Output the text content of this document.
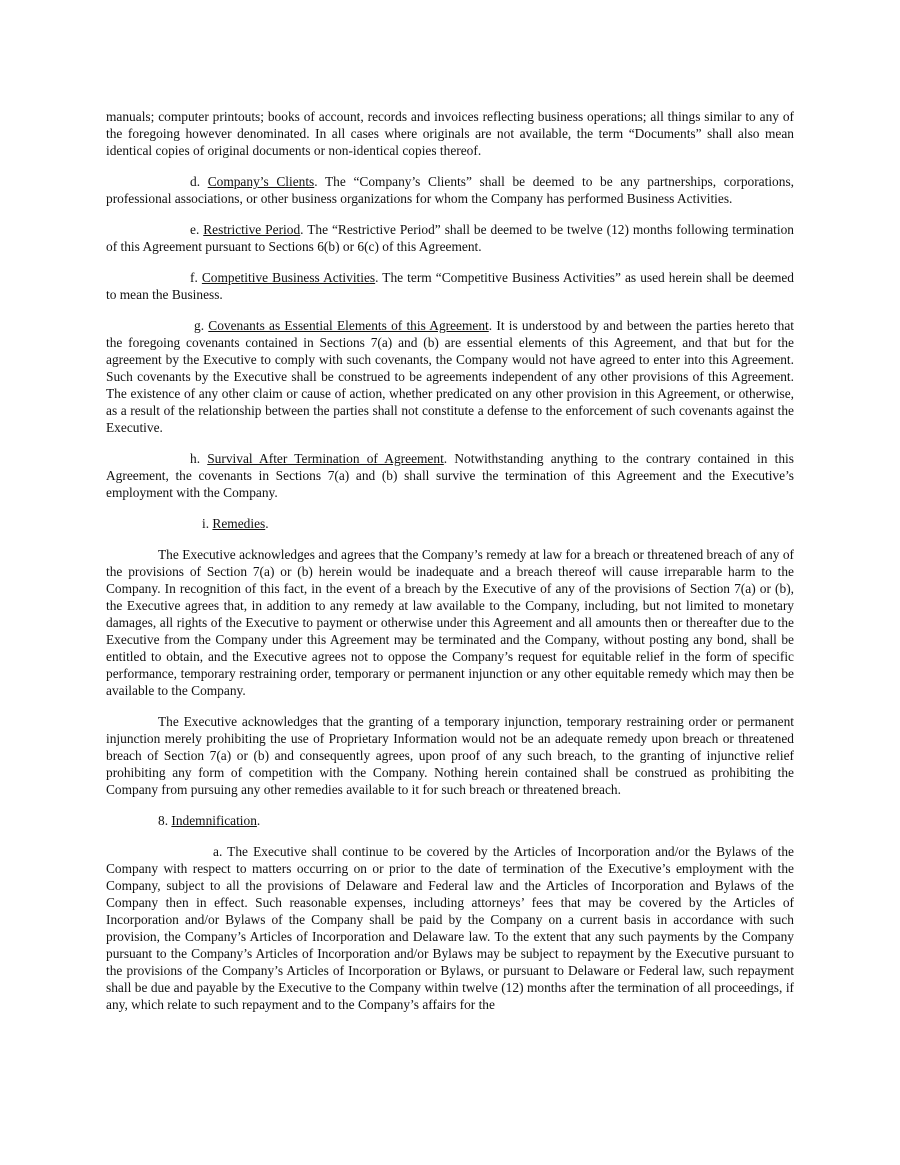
manuals; computer printouts; books of account, records and invoices reflecting business operations; all things similar to any of the foregoing however denominated. In all cases where originals are not available, the term “Documents” shall also mean identical copies of original documents or non-identical copies thereof.

d. Company’s Clients. The “Company’s Clients” shall be deemed to be any partnerships, corporations, professional associations, or other business organizations for whom the Company has performed Business Activities.

e. Restrictive Period. The “Restrictive Period” shall be deemed to be twelve (12) months following termination of this Agreement pursuant to Sections 6(b) or 6(c) of this Agreement.

f. Competitive Business Activities. The term “Competitive Business Activities” as used herein shall be deemed to mean the Business.

g. Covenants as Essential Elements of this Agreement. It is understood by and between the parties hereto that the foregoing covenants contained in Sections 7(a) and (b) are essential elements of this Agreement, and that but for the agreement by the Executive to comply with such covenants, the Company would not have agreed to enter into this Agreement. Such covenants by the Executive shall be construed to be agreements independent of any other provisions of this Agreement. The existence of any other claim or cause of action, whether predicated on any other provision in this Agreement, or otherwise, as a result of the relationship between the parties shall not constitute a defense to the enforcement of such covenants against the Executive.

h. Survival After Termination of Agreement. Notwithstanding anything to the contrary contained in this Agreement, the covenants in Sections 7(a) and (b) shall survive the termination of this Agreement and the Executive’s employment with the Company.

i. Remedies.

The Executive acknowledges and agrees that the Company’s remedy at law for a breach or threatened breach of any of the provisions of Section 7(a) or (b) herein would be inadequate and a breach thereof will cause irreparable harm to the Company. In recognition of this fact, in the event of a breach by the Executive of any of the provisions of Section 7(a) or (b), the Executive agrees that, in addition to any remedy at law available to the Company, including, but not limited to monetary damages, all rights of the Executive to payment or otherwise under this Agreement and all amounts then or thereafter due to the Executive from the Company under this Agreement may be terminated and the Company, without posting any bond, shall be entitled to obtain, and the Executive agrees not to oppose the Company’s request for equitable relief in the form of specific performance, temporary restraining order, temporary or permanent injunction or any other equitable remedy which may then be available to the Company.

The Executive acknowledges that the granting of a temporary injunction, temporary restraining order or permanent injunction merely prohibiting the use of Proprietary Information would not be an adequate remedy upon breach or threatened breach of Section 7(a) or (b) and consequently agrees, upon proof of any such breach, to the granting of injunctive relief prohibiting any form of competition with the Company. Nothing herein contained shall be construed as prohibiting the Company from pursuing any other remedies available to it for such breach or threatened breach.

8. Indemnification.

a. The Executive shall continue to be covered by the Articles of Incorporation and/or the Bylaws of the Company with respect to matters occurring on or prior to the date of termination of the Executive’s employment with the Company, subject to all the provisions of Delaware and Federal law and the Articles of Incorporation and Bylaws of the Company then in effect. Such reasonable expenses, including attorneys’ fees that may be covered by the Articles of Incorporation and/or Bylaws of the Company shall be paid by the Company on a current basis in accordance with such provision, the Company’s Articles of Incorporation and Delaware law. To the extent that any such payments by the Company pursuant to the Company’s Articles of Incorporation and/or Bylaws may be subject to repayment by the Executive pursuant to the provisions of the Company’s Articles of Incorporation or Bylaws, or pursuant to Delaware or Federal law, such repayment shall be due and payable by the Executive to the Company within twelve (12) months after the termination of all proceedings, if any, which relate to such repayment and to the Company’s affairs for the
